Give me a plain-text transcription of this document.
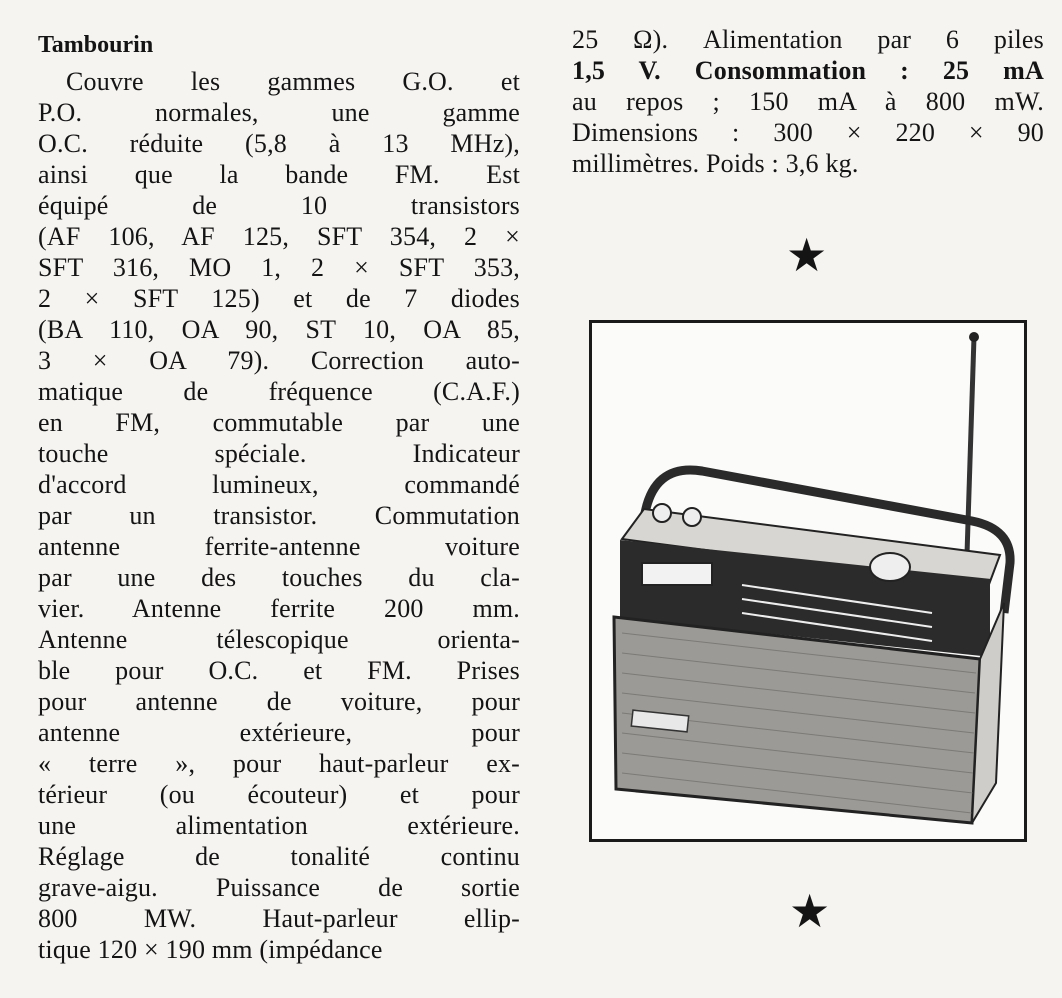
Tambourin
Couvre les gammes G.O. et
P.O. normales, une gamme
O.C. réduite (5,8 à 13 MHz),
ainsi que la bande FM. Est
équipé de 10 transistors
(AF 106, AF 125, SFT 354, 2 ×
SFT 316, MO 1, 2 × SFT 353,
2 × SFT 125) et de 7 diodes
(BA 110, OA 90, ST 10, OA 85,
3 × OA 79). Correction auto-
matique de fréquence (C.A.F.)
en FM, commutable par une
touche spéciale. Indicateur
d'accord lumineux, commandé
par un transistor. Commutation
antenne ferrite-antenne voiture
par une des touches du cla-
vier. Antenne ferrite 200 mm.
Antenne télescopique orienta-
ble pour O.C. et FM. Prises
pour antenne de voiture, pour
antenne extérieure, pour
« terre », pour haut-parleur ex-
térieur (ou écouteur) et pour
une alimentation extérieure.
Réglage de tonalité continu
grave-aigu. Puissance de sortie
800 MW. Haut-parleur ellip-
tique 120 × 190 mm (impédance
25 Ω). Alimentation par 6 piles
1,5 V. Consommation : 25 mA
au repos ; 150 mA à 800 mW.
Dimensions : 300 × 220 × 90
millimètres. Poids : 3,6 kg.
★
★
